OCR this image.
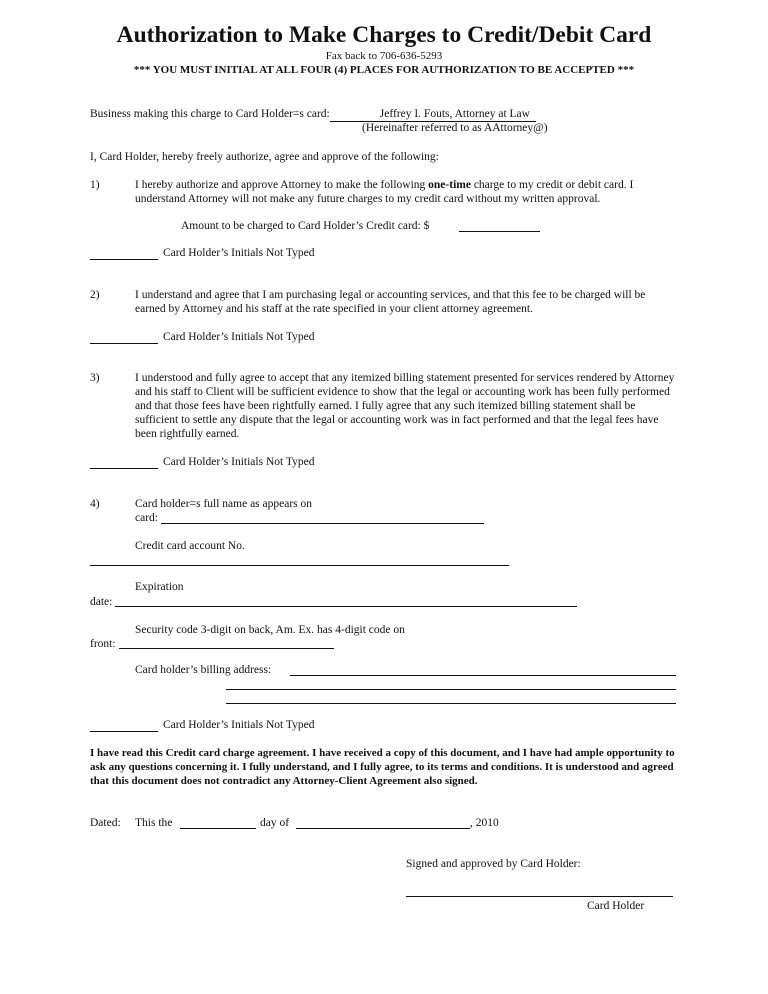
Authorization to Make Charges to Credit/Debit Card
Fax back to 706-636-5293
*** YOU MUST INITIAL AT ALL FOUR (4) PLACES FOR AUTHORIZATION TO BE ACCEPTED ***
Business making this charge to Card Holder=s card:	Jeffrey I. Fouts, Attorney at Law
(Hereinafter referred to as AAttorney@)
I, Card Holder, hereby freely authorize, agree and approve of the following:
1)	I hereby authorize and approve Attorney to make the following one-time charge to my credit or debit card. I understand Attorney will not make any future charges to my credit card without my written approval.
Amount to be charged to Card Holder’s Credit card: $
Card Holder’s Initials Not Typed
2)	I understand and agree that I am purchasing legal or accounting services, and that this fee to be charged will be earned by Attorney and his staff at the rate specified in your client attorney agreement.
Card Holder’s Initials Not Typed
3)	I understood and fully agree to accept that any itemized billing statement presented for services rendered by Attorney and his staff to Client will be sufficient evidence to show that the legal or accounting work has been fully performed and that those fees have been rightfully earned. I fully agree that any such itemized billing statement shall be sufficient to settle any dispute that the legal or accounting work was in fact performed and that the legal fees have been rightfully earned.
Card Holder’s Initials Not Typed
4)	Card holder=s full name as appears on
card:
Credit card account No.
Expiration
date:
Security code 3-digit on back, Am. Ex. has 4-digit code on
front:
Card holder’s billing address:
Card Holder’s Initials Not Typed
I have read this Credit card charge agreement. I have received a copy of this document, and I have had ample opportunity to ask any questions concerning it. I fully understand, and I fully agree, to its terms and conditions. It is understood and agreed that this document does not contradict any Attorney-Client Agreement also signed.
Dated: This the	day of	, 2010
Signed and approved by Card Holder:
Card Holder
